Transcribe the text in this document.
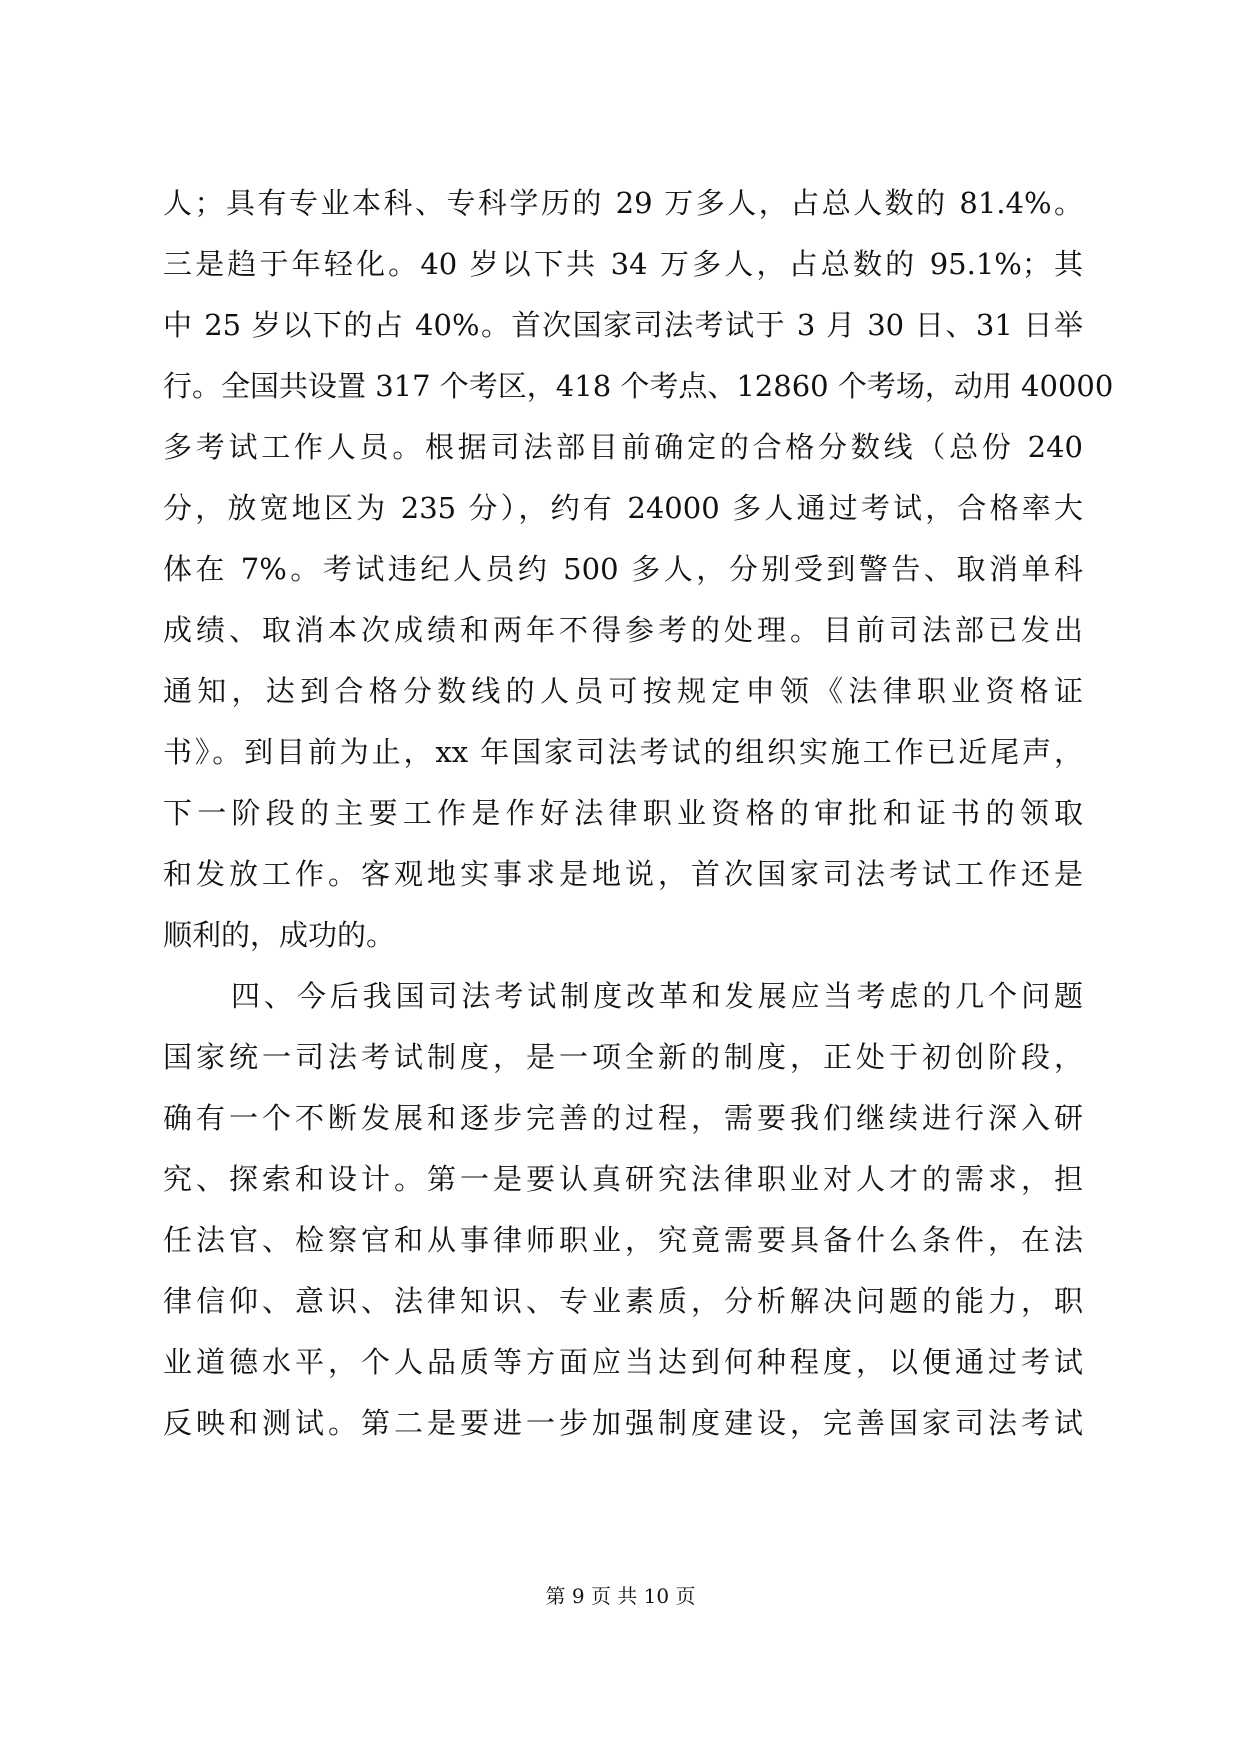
人；具有专业本科、专科学历的 29 万多人，占总人数的 81.4%。
三是趋于年轻化。40 岁以下共 34 万多人，占总数的 95.1%；其
中 25 岁以下的占 40%。首次国家司法考试于 3 月 30 日、31 日举
行。全国共设置 317 个考区，418 个考点、12860 个考场，动用 40000
多考试工作人员。根据司法部目前确定的合格分数线（总份 240
分，放宽地区为 235 分），约有 24000 多人通过考试，合格率大
体在 7%。考试违纪人员约 500 多人，分别受到警告、取消单科
成绩、取消本次成绩和两年不得参考的处理。目前司法部已发出
通知，达到合格分数线的人员可按规定申领《法律职业资格证
书》。到目前为止，xx 年国家司法考试的组织实施工作已近尾声，
下一阶段的主要工作是作好法律职业资格的审批和证书的领取
和发放工作。客观地实事求是地说，首次国家司法考试工作还是
顺利的，成功的。
四、今后我国司法考试制度改革和发展应当考虑的几个问题
国家统一司法考试制度，是一项全新的制度，正处于初创阶段，
确有一个不断发展和逐步完善的过程，需要我们继续进行深入研
究、探索和设计。第一是要认真研究法律职业对人才的需求，担
任法官、检察官和从事律师职业，究竟需要具备什么条件，在法
律信仰、意识、法律知识、专业素质，分析解决问题的能力，职
业道德水平，个人品质等方面应当达到何种程度，以便通过考试
反映和测试。第二是要进一步加强制度建设，完善国家司法考试
第 9 页 共 10 页
